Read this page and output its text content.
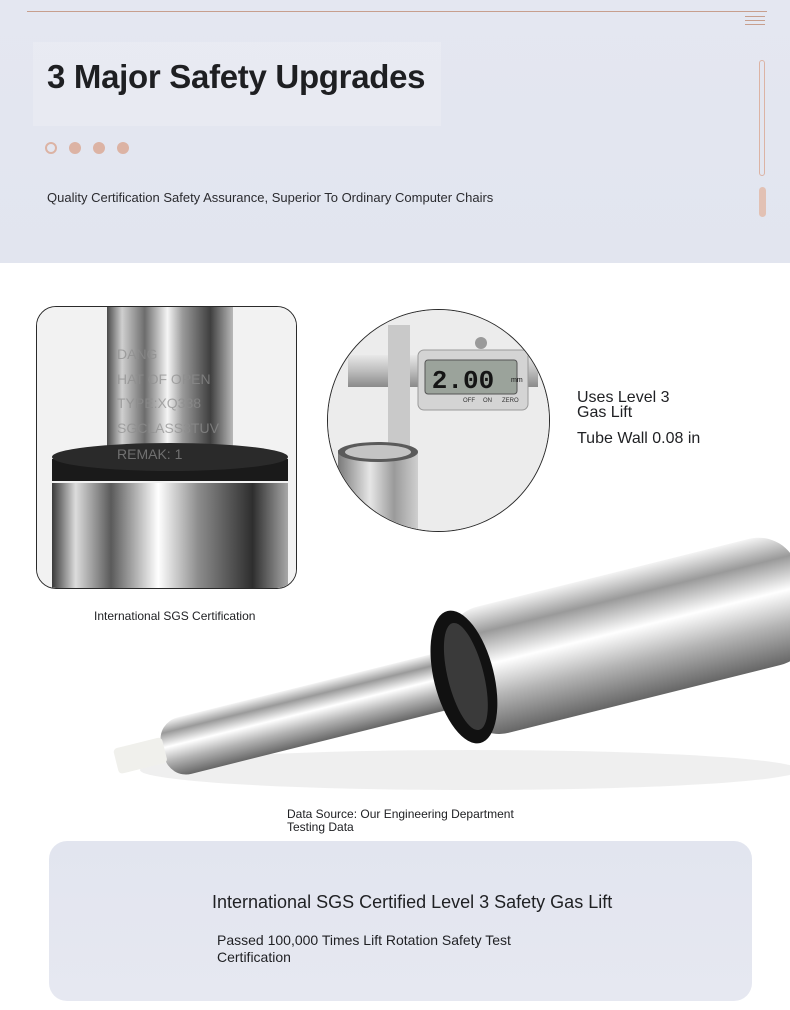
3 Major Safety Upgrades
Quality Certification Safety Assurance, Superior To Ordinary Computer Chairs
DANG
HAT OF OPEN
TYPE:XQ338
SGCLASS3TUV
REMAK: 1
International SGS Certification
2.00 mm
OFF ON ZERO	Uses Level 3
Gas Lift
Tube Wall 0.08 in
Data Source: Our Engineering Department
Testing Data
International SGS Certified Level 3 Safety Gas Lift
Passed 100,000 Times Lift Rotation Safety Test Certification
